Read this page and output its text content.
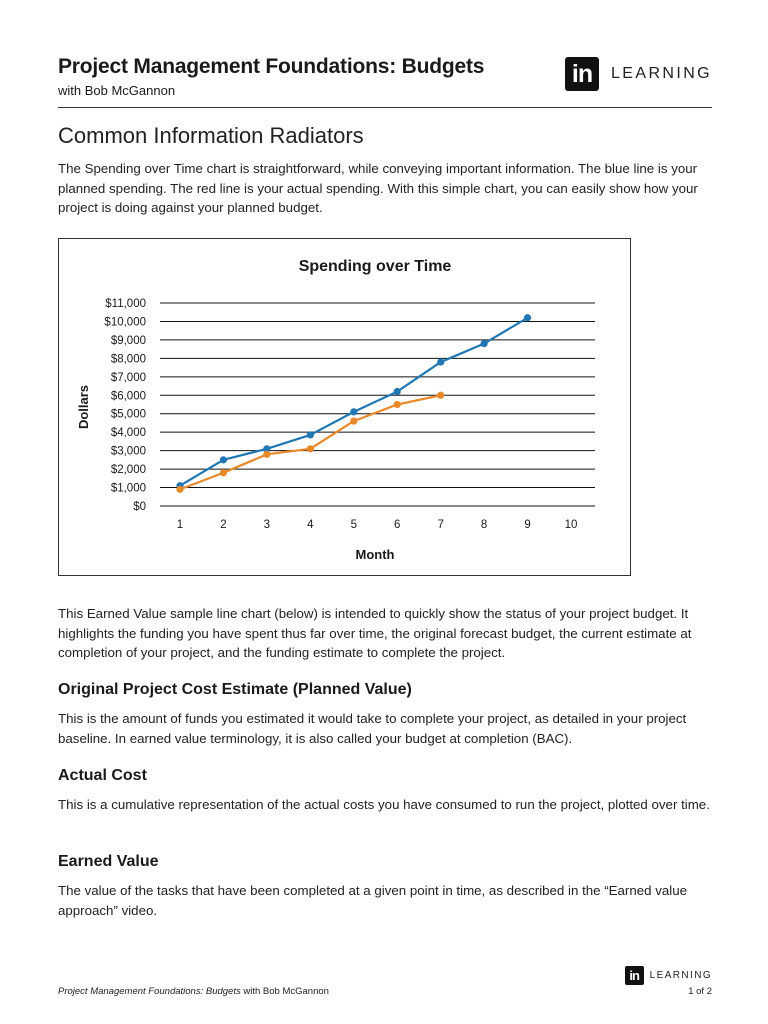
Project Management Foundations: Budgets
with Bob McGannon
in	LEARNING
Common Information Radiators

The Spending over Time chart is straightforward, while conveying important information. The blue line is your planned spending. The red line is your actual spending. With this simple chart, you can easily show how your project is doing against your planned budget.

Spending over Time
$0
$1,000
$2,000
$3,000
$4,000
$5,000
$6,000
$7,000
$8,000
$9,000
$10,000
$11,000
1	2	3	4	5	6	7	8	9	10
Month
Dollars

This Earned Value sample line chart (below) is intended to quickly show the status of your project budget. It highlights the funding you have spent thus far over time, the original forecast budget, the current estimate at completion of your project, and the funding estimate to complete the project.

Original Project Cost Estimate (Planned Value)

This is the amount of funds you estimated it would take to complete your project, as detailed in your project baseline. In earned value terminology, it is also called your budget at completion (BAC).

Actual Cost

This is a cumulative representation of the actual costs you have consumed to run the project, plotted over time.

Earned Value

The value of the tasks that have been completed at a given point in time, as described in the “Earned value approach” video.

Project Management Foundations: Budgets with Bob McGannon
in	LEARNING
1 of 2
